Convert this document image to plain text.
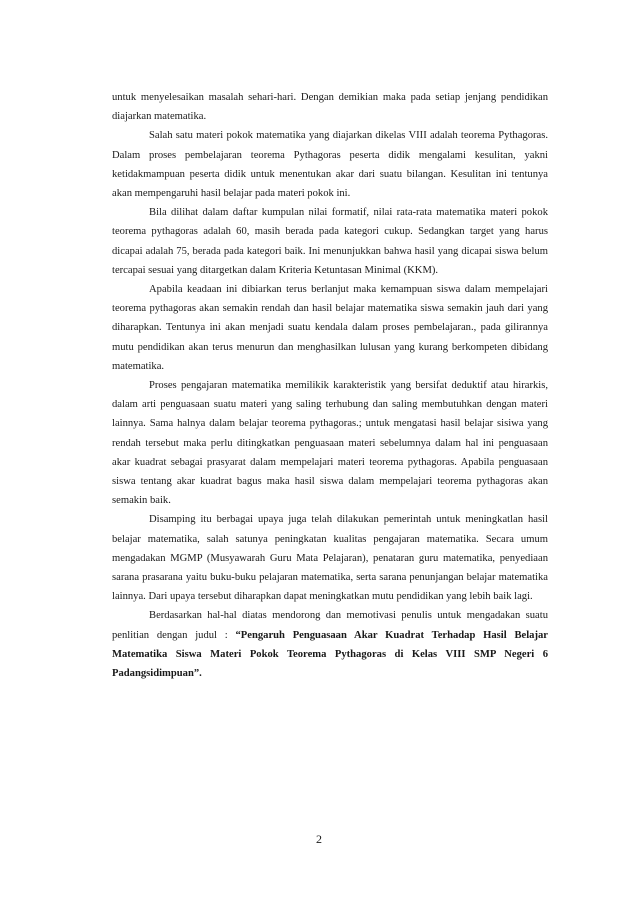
untuk menyelesaikan masalah sehari-hari. Dengan demikian maka pada setiap jenjang pendidikan diajarkan matematika.

Salah satu materi pokok matematika yang diajarkan dikelas VIII adalah teorema Pythagoras. Dalam proses pembelajaran teorema Pythagoras peserta didik mengalami kesulitan, yakni ketidakmampuan peserta didik untuk menentukan akar dari suatu bilangan. Kesulitan ini tentunya akan mempengaruhi hasil belajar pada materi pokok ini.

Bila dilihat dalam daftar kumpulan nilai formatif, nilai rata-rata matematika materi pokok teorema pythagoras adalah 60, masih berada pada kategori cukup. Sedangkan target yang harus dicapai adalah 75, berada pada kategori baik. Ini menunjukkan bahwa hasil yang dicapai siswa belum tercapai sesuai yang ditargetkan dalam Kriteria Ketuntasan Minimal (KKM).

Apabila keadaan ini dibiarkan terus berlanjut maka kemampuan siswa dalam mempelajari teorema pythagoras akan semakin rendah dan hasil belajar matematika siswa semakin jauh dari yang diharapkan. Tentunya ini akan menjadi suatu kendala dalam proses pembelajaran., pada gilirannya mutu pendidikan akan terus menurun dan menghasilkan lulusan yang kurang berkompeten dibidang matematika.

Proses pengajaran matematika memilikik karakteristik yang bersifat deduktif atau hirarkis, dalam arti penguasaan suatu materi yang saling terhubung dan saling membutuhkan dengan materi lainnya. Sama halnya dalam belajar teorema pythagoras.; untuk mengatasi hasil belajar sisiwa yang rendah tersebut maka perlu ditingkatkan penguasaan materi sebelumnya dalam hal ini penguasaan akar kuadrat sebagai prasyarat dalam mempelajari materi teorema pythagoras. Apabila penguasaan siswa tentang akar kuadrat bagus maka hasil siswa dalam mempelajari teorema pythagoras akan semakin baik.

Disamping itu berbagai upaya juga telah dilakukan pemerintah untuk meningkatlan hasil belajar matematika, salah satunya peningkatan kualitas pengajaran matematika. Secara umum mengadakan MGMP (Musyawarah Guru Mata Pelajaran), penataran guru matematika, penyediaan sarana prasarana yaitu buku-buku pelajaran matematika, serta sarana penunjangan belajar matematika lainnya. Dari upaya tersebut diharapkan dapat meningkatkan mutu pendidikan yang lebih baik lagi.

Berdasarkan hal-hal diatas mendorong dan memotivasi penulis untuk mengadakan suatu penlitian dengan judul : “Pengaruh Penguasaan Akar Kuadrat Terhadap Hasil Belajar Matematika Siswa Materi Pokok Teorema Pythagoras di Kelas VIII SMP Negeri 6 Padangsidimpuan”.

2
